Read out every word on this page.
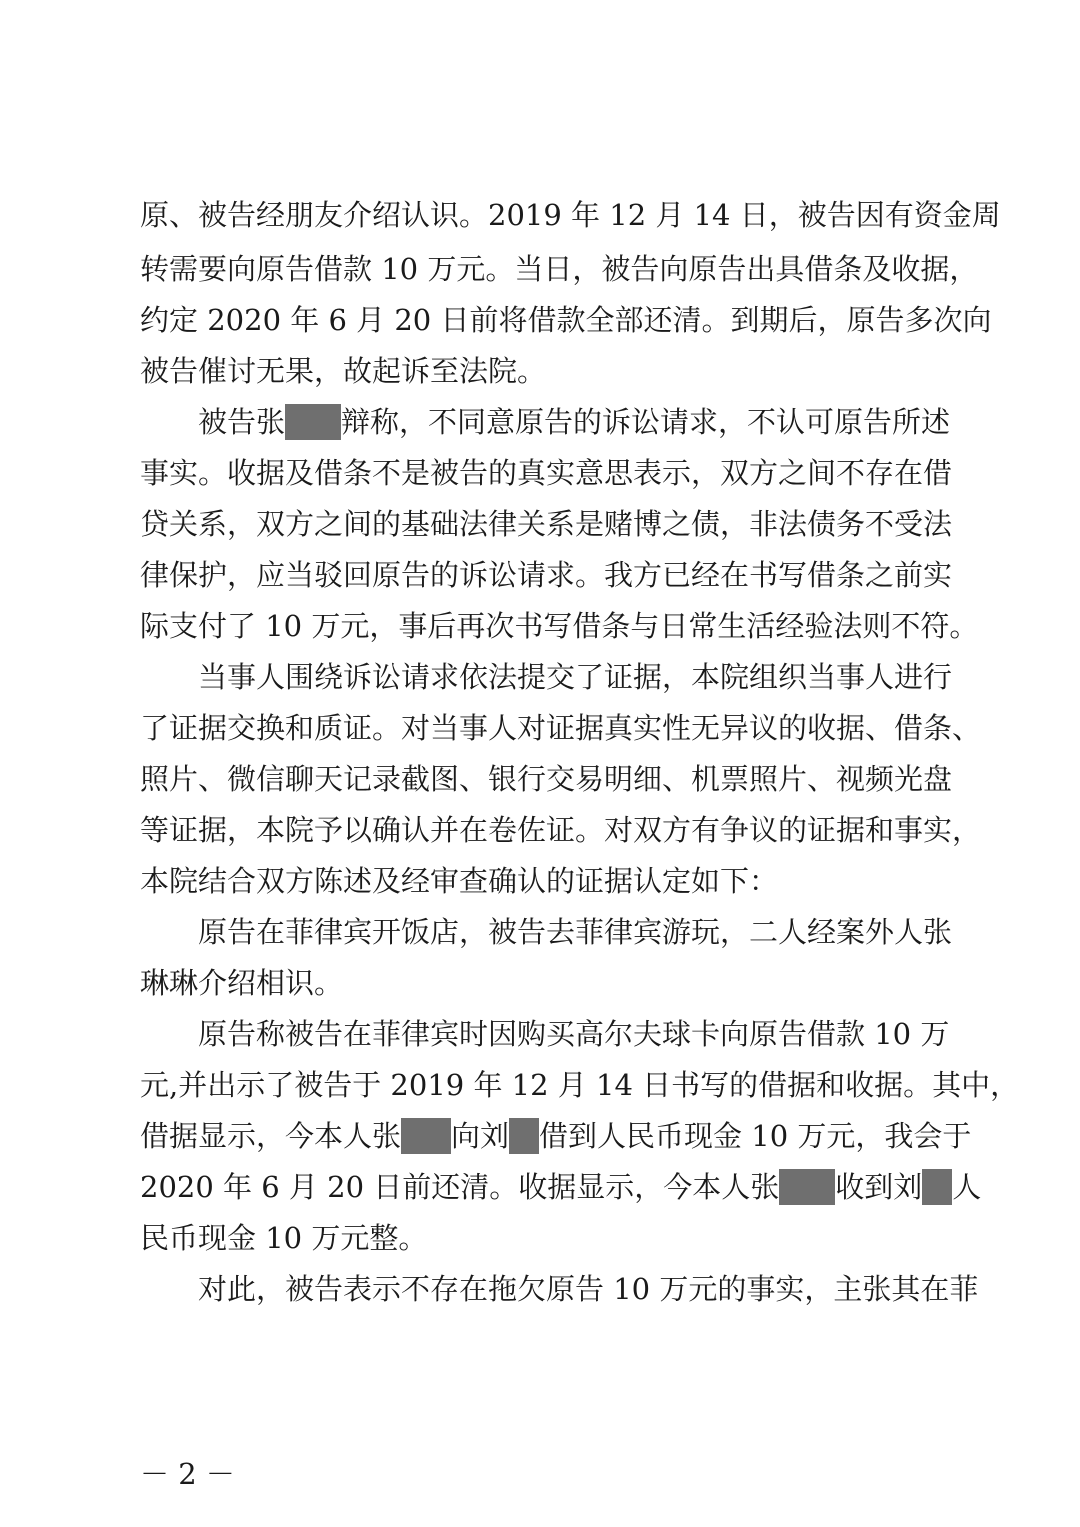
原、被告经朋友介绍认识。2019 年 12 月 14 日，被告因有资金周
转需要向原告借款 10 万元。当日，被告向原告出具借条及收据，
约定 2020 年 6 月 20 日前将借款全部还清。到期后，原告多次向
被告催讨无果，故起诉至法院。
　　被告张 辩称，不同意原告的诉讼请求，不认可原告所述
事实。收据及借条不是被告的真实意思表示，双方之间不存在借
贷关系，双方之间的基础法律关系是赌博之债，非法债务不受法
律保护，应当驳回原告的诉讼请求。我方已经在书写借条之前实
际支付了 10 万元，事后再次书写借条与日常生活经验法则不符。
　　当事人围绕诉讼请求依法提交了证据，本院组织当事人进行
了证据交换和质证。对当事人对证据真实性无异议的收据、借条、
照片、微信聊天记录截图、银行交易明细、机票照片、视频光盘
等证据，本院予以确认并在卷佐证。对双方有争议的证据和事实，
本院结合双方陈述及经审查确认的证据认定如下：
　　原告在菲律宾开饭店，被告去菲律宾游玩，二人经案外人张
琳琳介绍相识。
　　原告称被告在菲律宾时因购买高尔夫球卡向原告借款 10 万
元,并出示了被告于 2019 年 12 月 14 日书写的借据和收据。其中，
借据显示，今本人张 向刘 借到人民币现金 10 万元，我会于
2020 年 6 月 20 日前还清。收据显示，今本人张 收到刘 人
民币现金 10 万元整。
　　对此，被告表示不存在拖欠原告 10 万元的事实，主张其在菲
－ 2 －
